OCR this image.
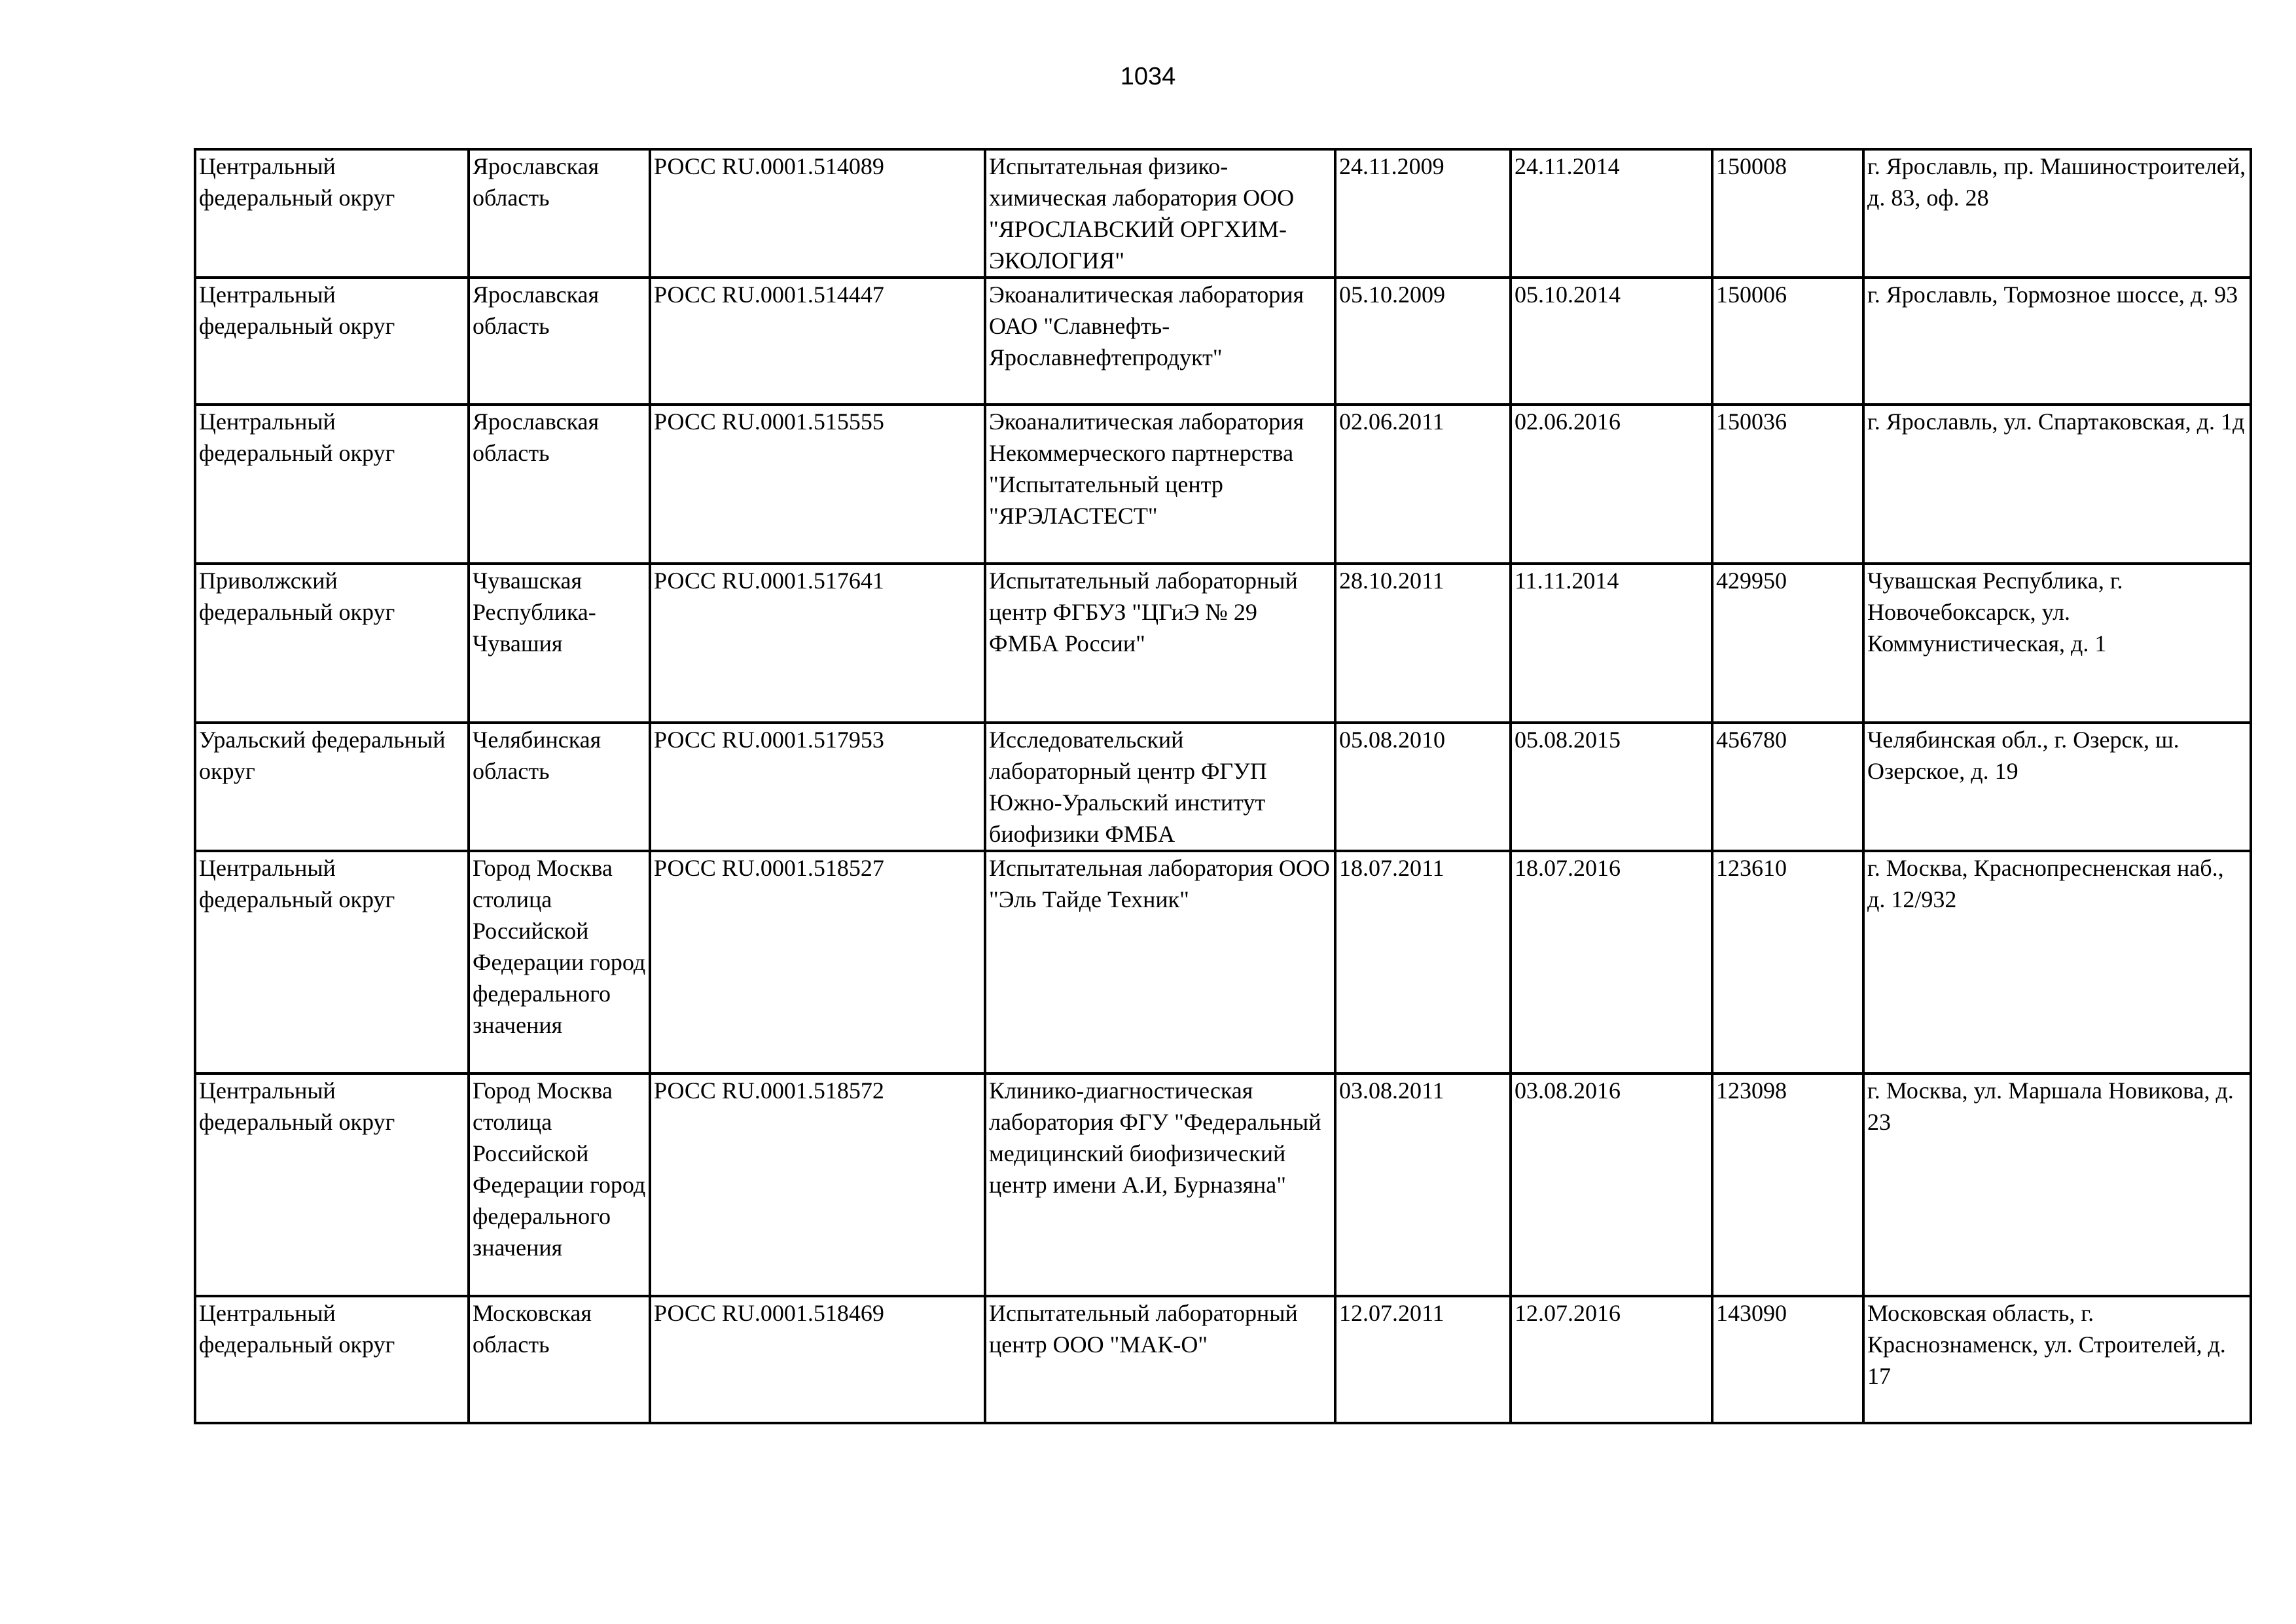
1034
Центральный федеральный округ	Ярославская область	РОСС RU.0001.514089	Испытательная физико-химическая лаборатория ООО "ЯРОСЛАВСКИЙ ОРГХИМ-ЭКОЛОГИЯ"	24.11.2009	24.11.2014	150008	г. Ярославль, пр. Машиностроителей, д. 83, оф. 28
Центральный федеральный округ	Ярославская область	РОСС RU.0001.514447	Экоаналитическая лаборатория ОАО "Славнефть-Ярославнефтепродукт"	05.10.2009	05.10.2014	150006	г. Ярославль, Тормозное шоссе, д. 93
Центральный федеральный округ	Ярославская область	РОСС RU.0001.515555	Экоаналитическая лаборатория Некоммерческого партнерства "Испытательный центр "ЯРЭЛАСТЕСТ"	02.06.2011	02.06.2016	150036	г. Ярославль, ул. Спартаковская, д. 1д
Приволжский федеральный округ	Чувашская Республика-Чувашия	РОСС RU.0001.517641	Испытательный лабораторный центр ФГБУЗ "ЦГиЭ № 29 ФМБА России"	28.10.2011	11.11.2014	429950	Чувашская Республика, г. Новочебоксарск, ул. Коммунистическая, д. 1
Уральский федеральный округ	Челябинская область	РОСС RU.0001.517953	Исследовательский лабораторный центр ФГУП Южно-Уральский институт биофизики ФМБА	05.08.2010	05.08.2015	456780	Челябинская обл., г. Озерск, ш. Озерское, д. 19
Центральный федеральный округ	Город Москва столица Российской Федерации город федерального значения	РОСС RU.0001.518527	Испытательная лаборатория ООО "Эль Тайде Техник"	18.07.2011	18.07.2016	123610	г. Москва, Краснопресненская наб., д. 12/932
Центральный федеральный округ	Город Москва столица Российской Федерации город федерального значения	РОСС RU.0001.518572	Клинико-диагностическая лаборатория ФГУ "Федеральный медицинский биофизический центр имени А.И, Бурназяна"	03.08.2011	03.08.2016	123098	г. Москва, ул. Маршала Новикова, д. 23
Центральный федеральный округ	Московская область	РОСС RU.0001.518469	Испытательный лабораторный центр ООО "МАК-О"	12.07.2011	12.07.2016	143090	Московская область, г. Краснознаменск, ул. Строителей, д. 17
